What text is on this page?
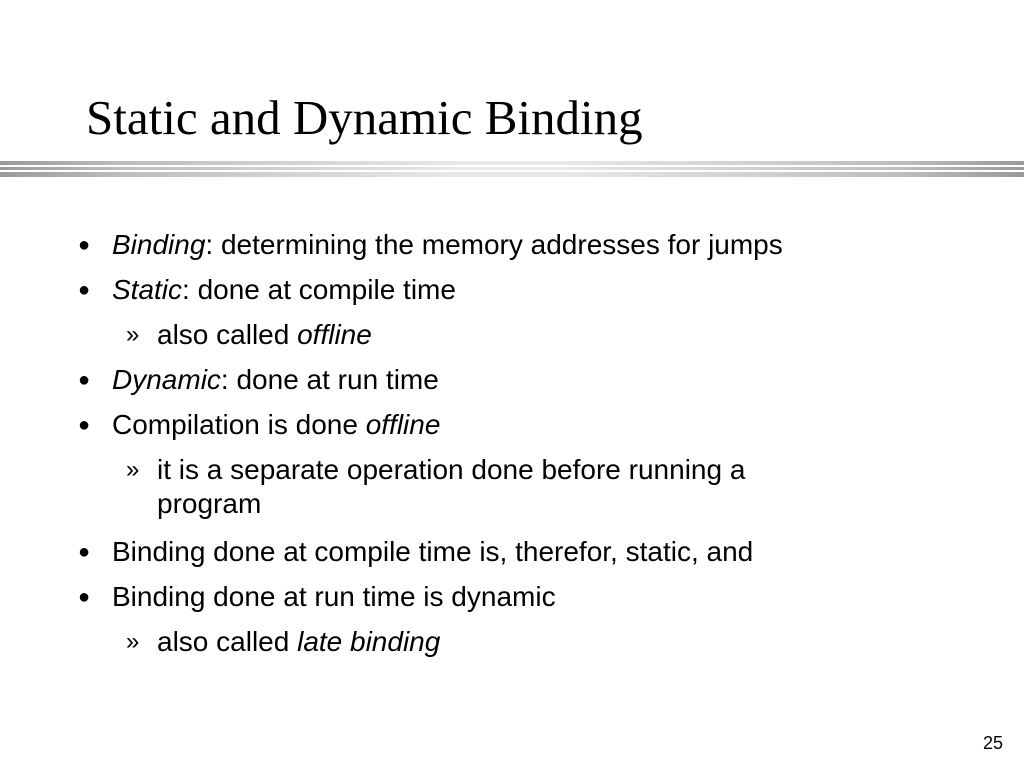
Static and Dynamic Binding
● Binding: determining the memory addresses for jumps
● Static: done at compile time
» also called offline
● Dynamic: done at run time
● Compilation is done offline
» it is a separate operation done before running a
program
● Binding done at compile time is, therefor, static, and
● Binding done at run time is dynamic
» also called late binding
25
